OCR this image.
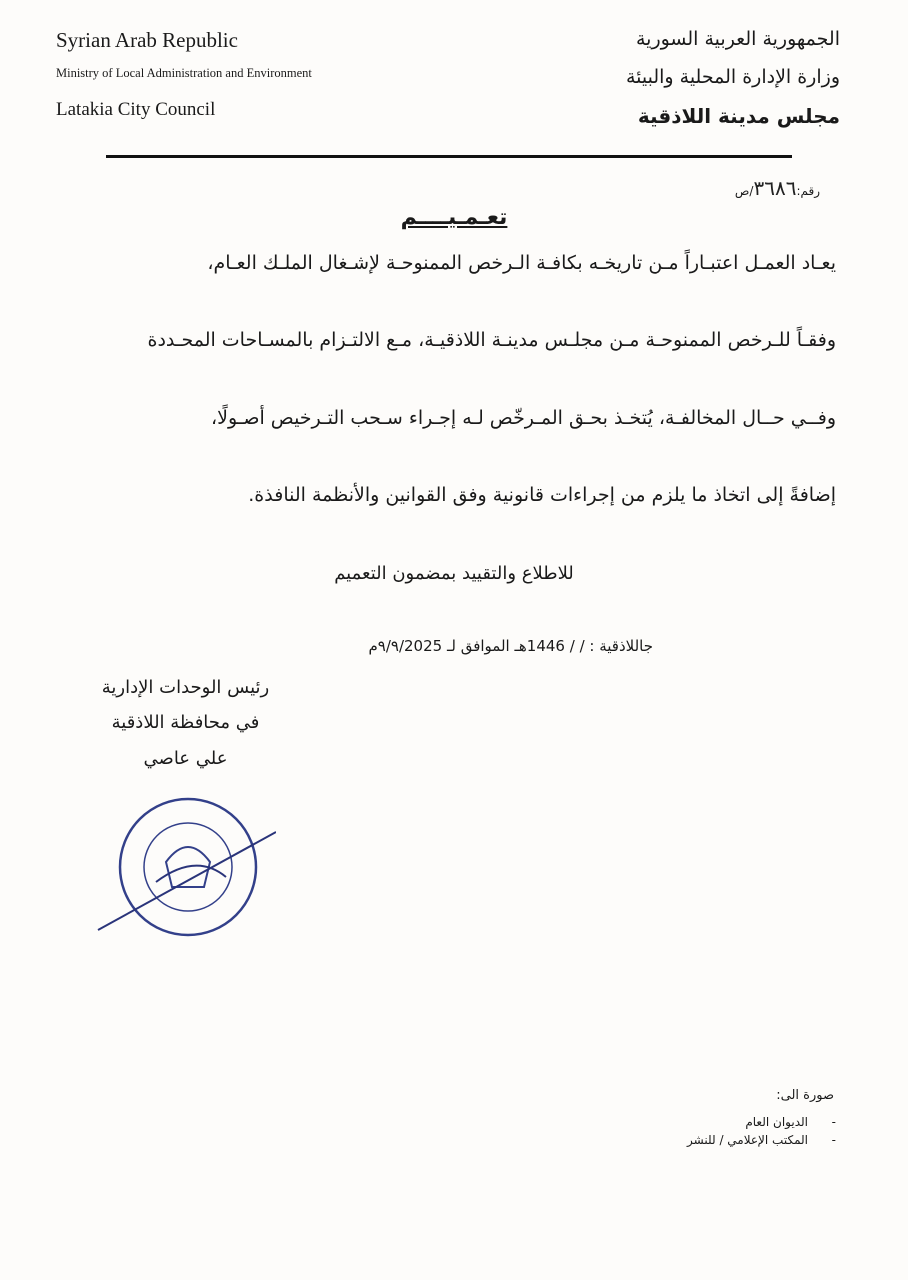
Syrian Arab Republic
Ministry of Local Administration and Environment
Latakia City Council
الجمهورية العربية السورية
وزارة الإدارة المحلية والبيئة
مجلس مدينة اللاذقية
رقم:٣٦٨٦/ص
تعـمـيــــم
يعـاد العمـل اعتبـاراً مـن تاريخـه بكافـة الـرخص الممنوحـة لإشـغال الملـك العـام،
وفقـاً للـرخص الممنوحـة مـن مجلـس مدينـة اللاذقيـة، مـع الالتـزام بالمسـاحات المحـددة
وفــي حــال المخالفـة، يُتخـذ بحـق المـرخّص لـه إجـراء سـحب التـرخيص أصـولًا،
إضافةً إلى اتخاذ ما يلزم من إجراءات قانونية وفق القوانين والأنظمة النافذة.
للاطلاع والتقييد بمضمون التعميم
جاللاذقية : / / 1446هـ الموافق لـ ٩/٩/2025م
رئيس الوحدات الإدارية
في محافظة اللاذقية
علي عاصي
صورة الى:
-
الديوان العام
-
المكتب الإعلامي / للنشر
